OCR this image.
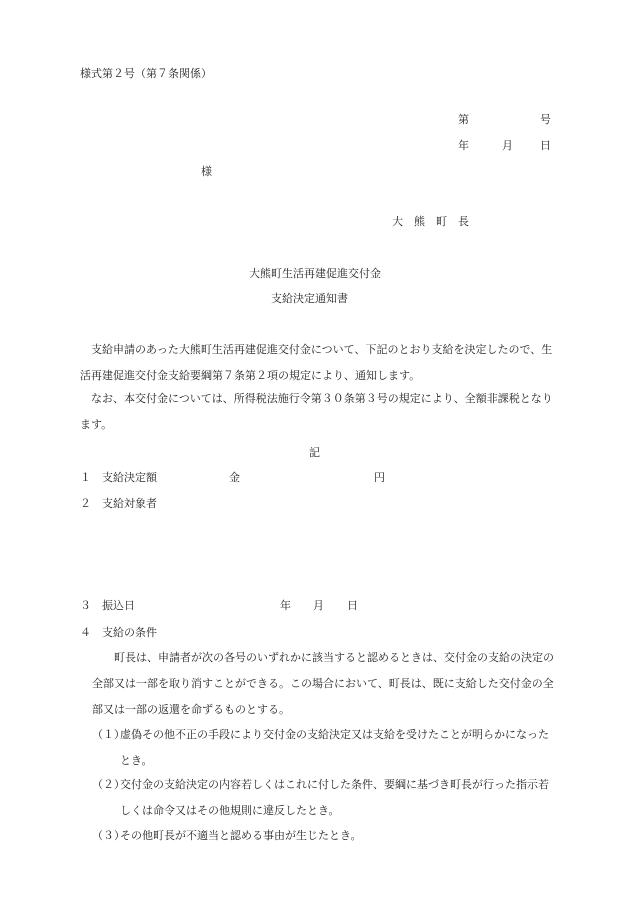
様式第２号（第７条関係）
第	号
年	月 日
様
大　熊　町　長
大熊町生活再建促進交付金
支給決定通知書
　支給申請のあった大熊町生活再建促進交付金について、下記のとおり支給を決定したので、生活再建促進交付金支給要綱第７条第２項の規定により、通知します。
　なお、本交付金については、所得税法施行令第３０条第３号の規定により、全額非課税となります。
記
１　支給決定額	金	円
２　支給対象者
３　振込日	年 月 日
４　支給の条件
町長は、申請者が次の各号のいずれかに該当すると認めるときは、交付金の支給の決定の全部又は一部を取り消すことができる。この場合において、町長は、既に支給した交付金の全部又は一部の返還を命ずるものとする。
（１）
虚偽その他不正の手段により交付金の支給決定又は支給を受けたことが明らかになったとき。
（２）
交付金の支給決定の内容若しくはこれに付した条件、要綱に基づき町長が行った指示若しくは命令又はその他規則に違反したとき。
（３）
その他町長が不適当と認める事由が生じたとき。
